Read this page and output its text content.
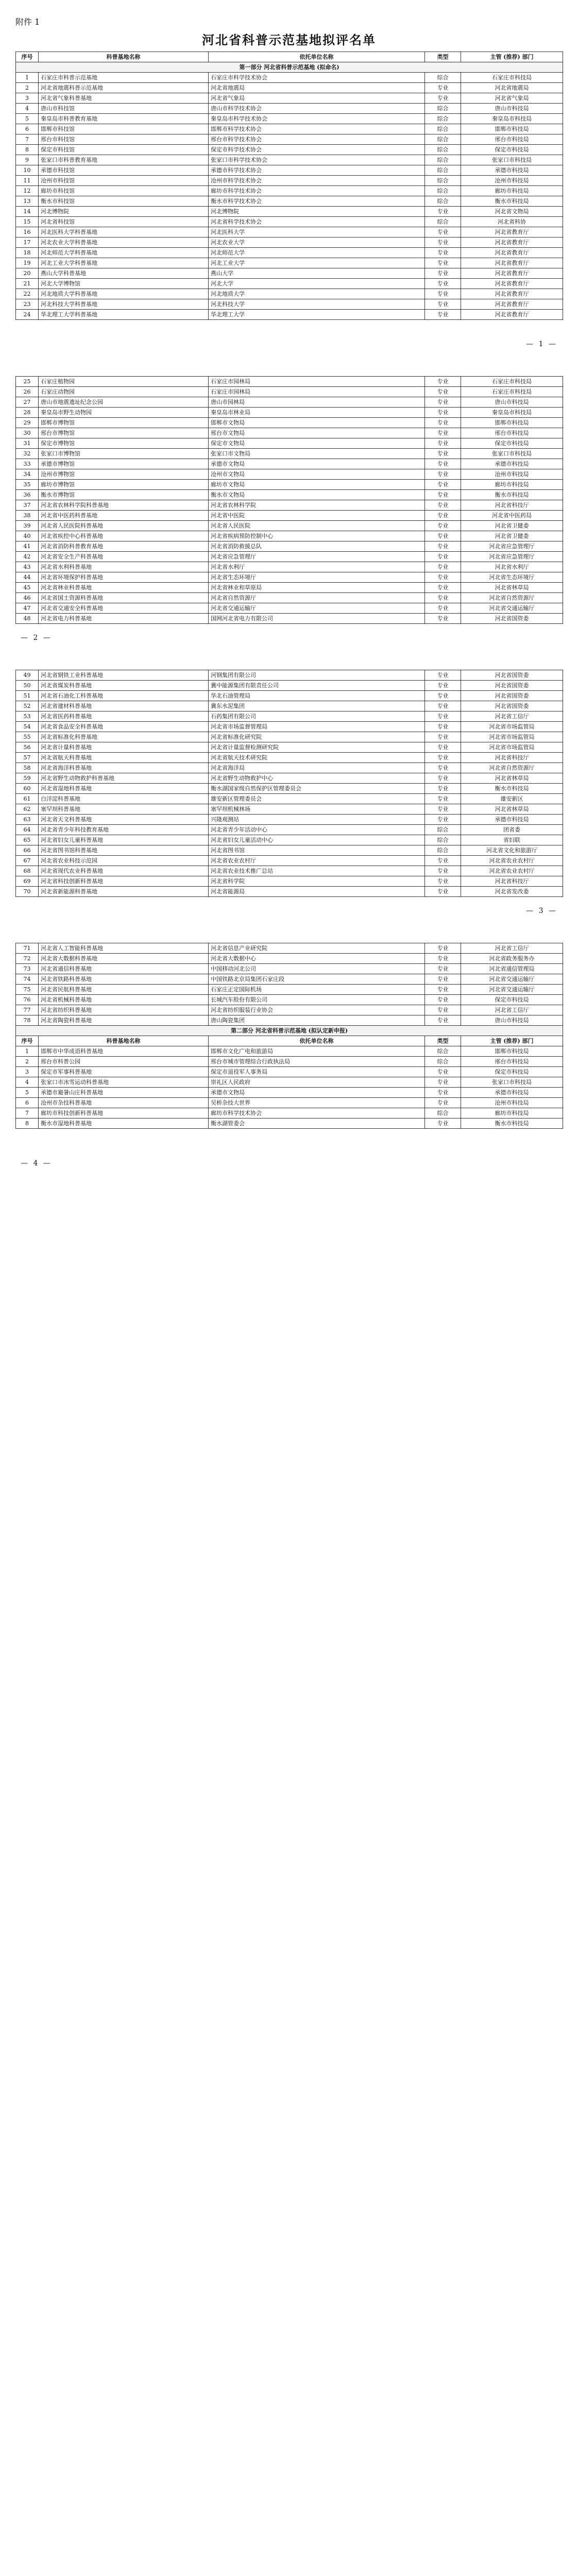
附件 1
河北省科普示范基地拟评名单
序号	科普基地名称	依托单位名称	类型	主管 (推荐) 部门
第一部分 河北省科普示范基地 (拟命名)				
1	石家庄市科普示范基地	石家庄市科学技术协会	综合	石家庄市科技局
2	河北省地震科普示范基地	河北省地震局	专业	河北省地震局
3	河北省气象科普基地	河北省气象局	专业	河北省气象局
4	唐山市科技馆	唐山市科学技术协会	综合	唐山市科技局
5	秦皇岛市科普教育基地	秦皇岛市科学技术协会	综合	秦皇岛市科技局
6	邯郸市科技馆	邯郸市科学技术协会	综合	邯郸市科技局
7	邢台市科技馆	邢台市科学技术协会	综合	邢台市科技局
8	保定市科技馆	保定市科学技术协会	综合	保定市科技局
9	张家口市科普教育基地	张家口市科学技术协会	综合	张家口市科技局
10	承德市科技馆	承德市科学技术协会	综合	承德市科技局
11	沧州市科技馆	沧州市科学技术协会	综合	沧州市科技局
12	廊坊市科技馆	廊坊市科学技术协会	综合	廊坊市科技局
13	衡水市科技馆	衡水市科学技术协会	综合	衡水市科技局
14	河北博物院	河北博物院	专业	河北省文物局
15	河北省科技馆	河北省科学技术协会	综合	河北省科协
16	河北医科大学科普基地	河北医科大学	专业	河北省教育厅
17	河北农业大学科普基地	河北农业大学	专业	河北省教育厅
18	河北师范大学科普基地	河北师范大学	专业	河北省教育厅
19	河北工业大学科普基地	河北工业大学	专业	河北省教育厅
20	燕山大学科普基地	燕山大学	专业	河北省教育厅
21	河北大学博物馆	河北大学	专业	河北省教育厅
22	河北地质大学科普基地	河北地质大学	专业	河北省教育厅
23	河北科技大学科普基地	河北科技大学	专业	河北省教育厅
24	华北理工大学科普基地	华北理工大学	专业	河北省教育厅
— 1 —
25	石家庄植物园	石家庄市园林局	专业	石家庄市科技局
26	石家庄动物园	石家庄市园林局	专业	石家庄市科技局
27	唐山市地震遗址纪念公园	唐山市园林局	专业	唐山市科技局
28	秦皇岛市野生动物园	秦皇岛市林业局	专业	秦皇岛市科技局
29	邯郸市博物馆	邯郸市文物局	专业	邯郸市科技局
30	邢台市博物馆	邢台市文物局	专业	邢台市科技局
31	保定市博物馆	保定市文物局	专业	保定市科技局
32	张家口市博物馆	张家口市文物局	专业	张家口市科技局
33	承德市博物馆	承德市文物局	专业	承德市科技局
34	沧州市博物馆	沧州市文物局	专业	沧州市科技局
35	廊坊市博物馆	廊坊市文物局	专业	廊坊市科技局
36	衡水市博物馆	衡水市文物局	专业	衡水市科技局
37	河北省农林科学院科普基地	河北省农林科学院	专业	河北省科技厅
38	河北省中医药科普基地	河北省中医院	专业	河北省中医药局
39	河北省人民医院科普基地	河北省人民医院	专业	河北省卫健委
40	河北省疾控中心科普基地	河北省疾病预防控制中心	专业	河北省卫健委
41	河北省消防科普教育基地	河北省消防救援总队	专业	河北省应急管理厅
42	河北省安全生产科普基地	河北省应急管理厅	专业	河北省应急管理厅
43	河北省水利科普基地	河北省水利厅	专业	河北省水利厅
44	河北省环境保护科普基地	河北省生态环境厅	专业	河北省生态环境厅
45	河北省林业科普基地	河北省林业和草原局	专业	河北省林草局
46	河北省国土资源科普基地	河北省自然资源厅	专业	河北省自然资源厅
47	河北省交通安全科普基地	河北省交通运输厅	专业	河北省交通运输厅
48	河北省电力科普基地	国网河北省电力有限公司	专业	河北省国资委
— 2 —
49	河北省钢铁工业科普基地	河钢集团有限公司	专业	河北省国资委
50	河北省煤炭科普基地	冀中能源集团有限责任公司	专业	河北省国资委
51	河北省石油化工科普基地	华北石油管理局	专业	河北省国资委
52	河北省建材科普基地	冀东水泥集团	专业	河北省国资委
53	河北省医药科普基地	石药集团有限公司	专业	河北省工信厅
54	河北省食品安全科普基地	河北省市场监督管理局	专业	河北省市场监管局
55	河北省标准化科普基地	河北省标准化研究院	专业	河北省市场监管局
56	河北省计量科普基地	河北省计量监督检测研究院	专业	河北省市场监管局
57	河北省航天科普基地	河北省航天技术研究院	专业	河北省科技厅
58	河北省海洋科普基地	河北省海洋局	专业	河北省自然资源厅
59	河北省野生动物救护科普基地	河北省野生动物救护中心	专业	河北省林草局
60	河北省湿地科普基地	衡水湖国家级自然保护区管理委员会	专业	衡水市科技局
61	白洋淀科普基地	雄安新区管理委员会	专业	雄安新区
62	塞罕坝科普基地	塞罕坝机械林场	专业	河北省林草局
63	河北省天文科普基地	兴隆观测站	专业	承德市科技局
64	河北省青少年科技教育基地	河北省青少年活动中心	综合	团省委
65	河北省妇女儿童科普基地	河北省妇女儿童活动中心	综合	省妇联
66	河北省图书馆科普基地	河北省图书馆	综合	河北省文化和旅游厅
67	河北省农业科技示范园	河北省农业农村厅	专业	河北省农业农村厅
68	河北省现代农业科普基地	河北省农业技术推广总站	专业	河北省农业农村厅
69	河北省科技创新科普基地	河北省科学院	专业	河北省科技厅
70	河北省新能源科普基地	河北省能源局	专业	河北省发改委
— 3 —
71	河北省人工智能科普基地	河北省信息产业研究院	专业	河北省工信厅
72	河北省大数据科普基地	河北省大数据中心	专业	河北省政务服务办
73	河北省通信科普基地	中国移动河北公司	专业	河北省通信管理局
74	河北省铁路科普基地	中国铁路北京局集团石家庄段	专业	河北省交通运输厅
75	河北省民航科普基地	石家庄正定国际机场	专业	河北省交通运输厅
76	河北省机械科普基地	长城汽车股份有限公司	专业	保定市科技局
77	河北省纺织科普基地	河北省纺织服装行业协会	专业	河北省工信厅
78	河北省陶瓷科普基地	唐山陶瓷集团	专业	唐山市科技局
第二部分 河北省科普示范基地 (拟认定新申报)				
序号	科普基地名称	依托单位名称	类型	主管 (推荐) 部门
1	邯郸市中华成语科普基地	邯郸市文化广电和旅游局	综合	邯郸市科技局
2	邢台市科普公园	邢台市城市管理综合行政执法局	综合	邢台市科技局
3	保定市军事科普基地	保定市退役军人事务局	专业	保定市科技局
4	张家口市冰雪运动科普基地	崇礼区人民政府	专业	张家口市科技局
5	承德市避暑山庄科普基地	承德市文物局	专业	承德市科技局
6	沧州市杂技科普基地	吴桥杂技大世界	专业	沧州市科技局
7	廊坊市科技创新科普基地	廊坊市科学技术协会	综合	廊坊市科技局
8	衡水市湿地科普基地	衡水湖管委会	专业	衡水市科技局
— 4 —
